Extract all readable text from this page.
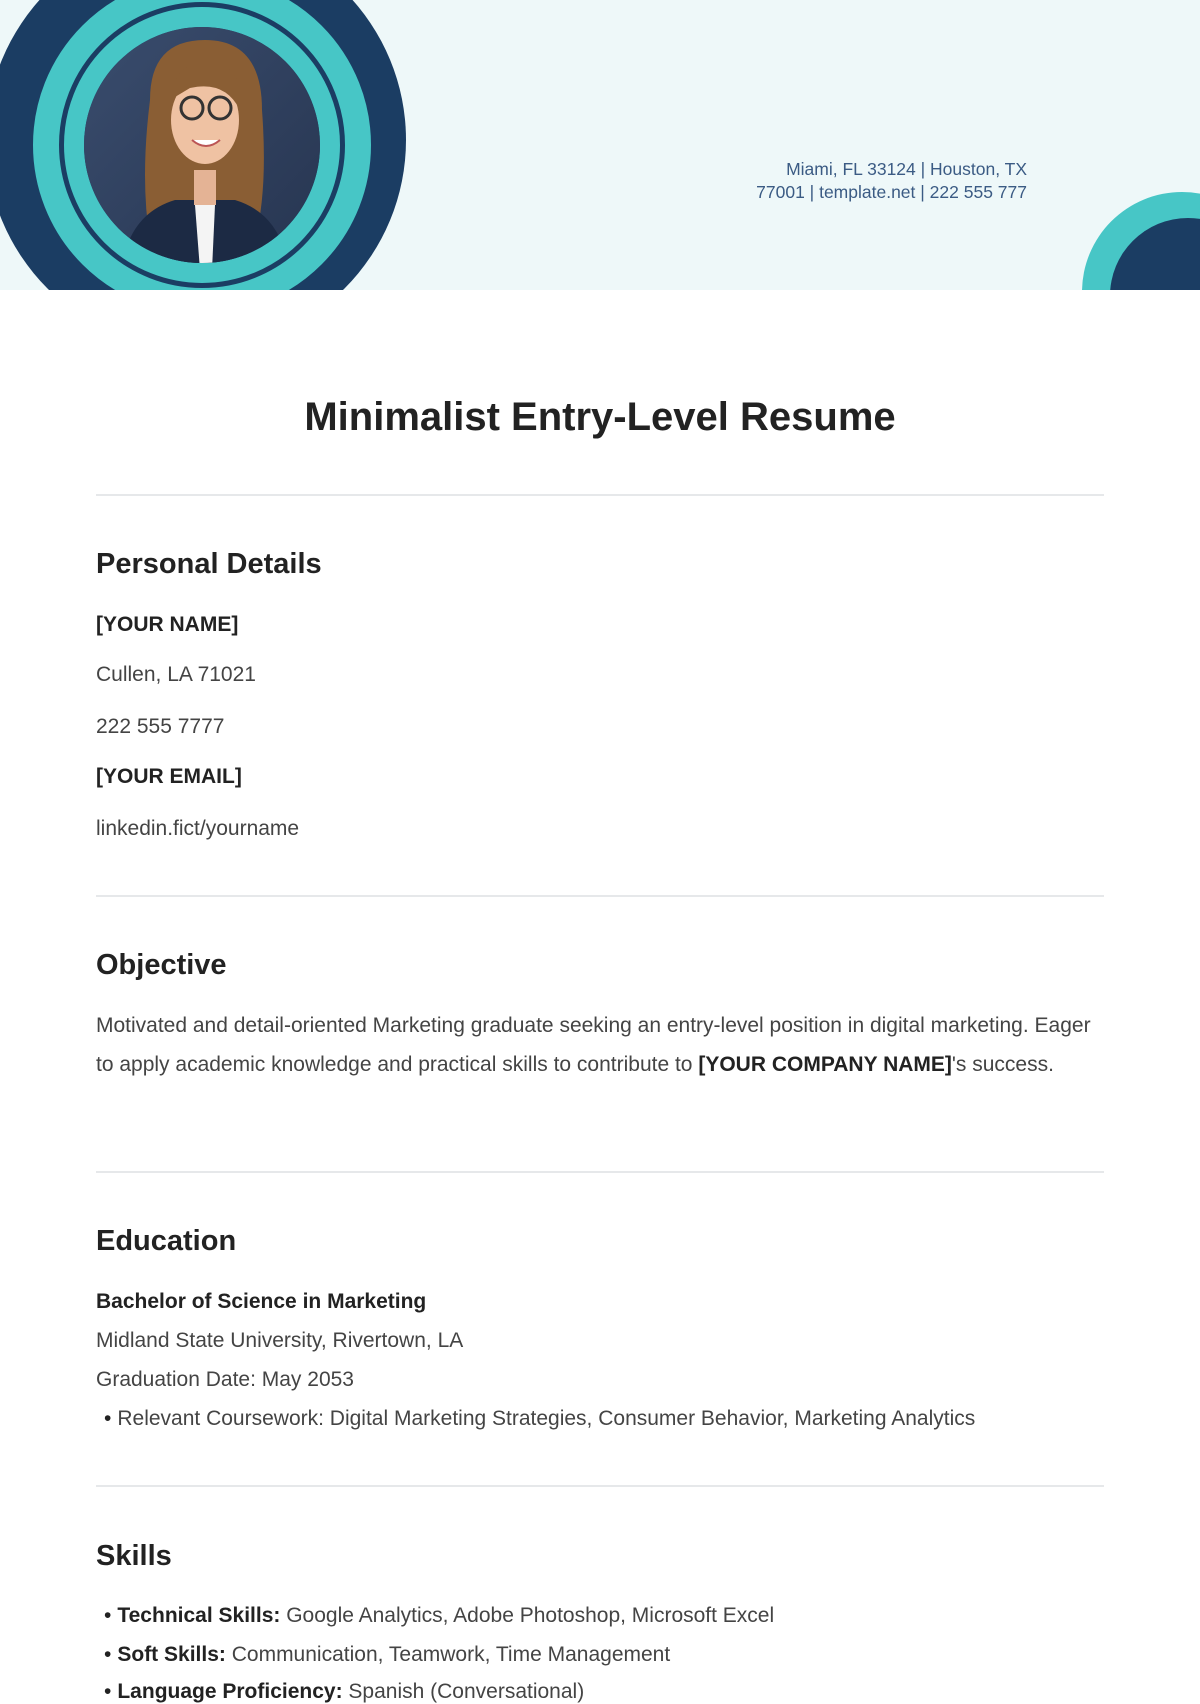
Miami, FL 33124 | Houston, TX
77001 | template.net | 222 555 777
Minimalist Entry-Level Resume
Personal Details
[YOUR NAME]
Cullen, LA 71021
222 555 7777
[YOUR EMAIL]
linkedin.fict/yourname
Objective
Motivated and detail-oriented Marketing graduate seeking an entry-level position in digital marketing. Eager to apply academic knowledge and practical skills to contribute to [YOUR COMPANY NAME]'s success.
Education
Bachelor of Science in Marketing
Midland State University, Rivertown, LA
Graduation Date: May 2053
• Relevant Coursework: Digital Marketing Strategies, Consumer Behavior, Marketing Analytics
Skills
• Technical Skills: Google Analytics, Adobe Photoshop, Microsoft Excel
• Soft Skills: Communication, Teamwork, Time Management
• Language Proficiency: Spanish (Conversational)
